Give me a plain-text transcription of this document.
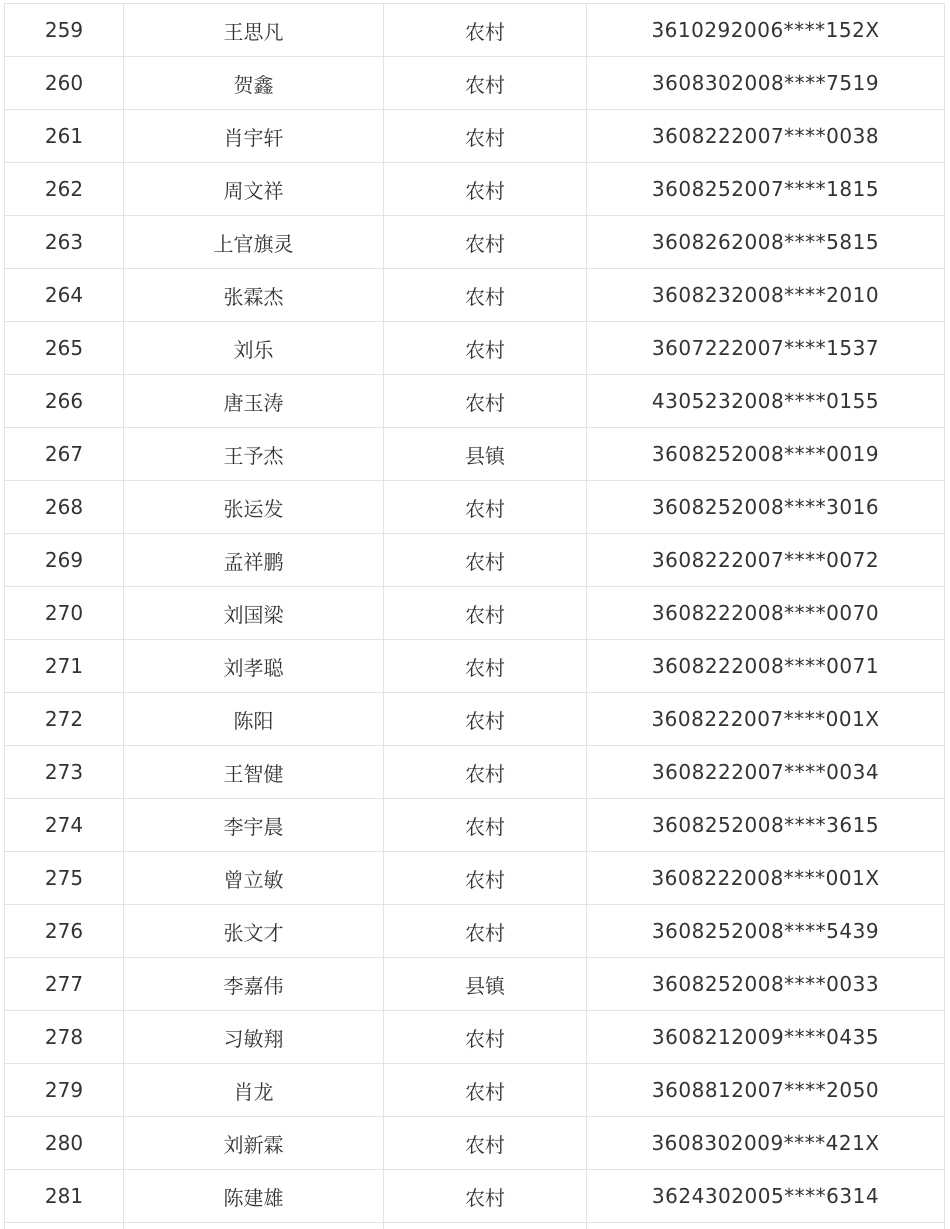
259	王思凡	农村	3610292006****152X
260	贺鑫	农村	3608302008****7519
261	肖宇轩	农村	3608222007****0038
262	周文祥	农村	3608252007****1815
263	上官旗灵	农村	3608262008****5815
264	张霖杰	农村	3608232008****2010
265	刘乐	农村	3607222007****1537
266	唐玉涛	农村	4305232008****0155
267	王予杰	县镇	3608252008****0019
268	张运发	农村	3608252008****3016
269	孟祥鹏	农村	3608222007****0072
270	刘国梁	农村	3608222008****0070
271	刘孝聪	农村	3608222008****0071
272	陈阳	农村	3608222007****001X
273	王智健	农村	3608222007****0034
274	李宇晨	农村	3608252008****3615
275	曾立敏	农村	3608222008****001X
276	张文才	农村	3608252008****5439
277	李嘉伟	县镇	3608252008****0033
278	习敏翔	农村	3608212009****0435
279	肖龙	农村	3608812007****2050
280	刘新霖	农村	3608302009****421X
281	陈建雄	农村	3624302005****6314
